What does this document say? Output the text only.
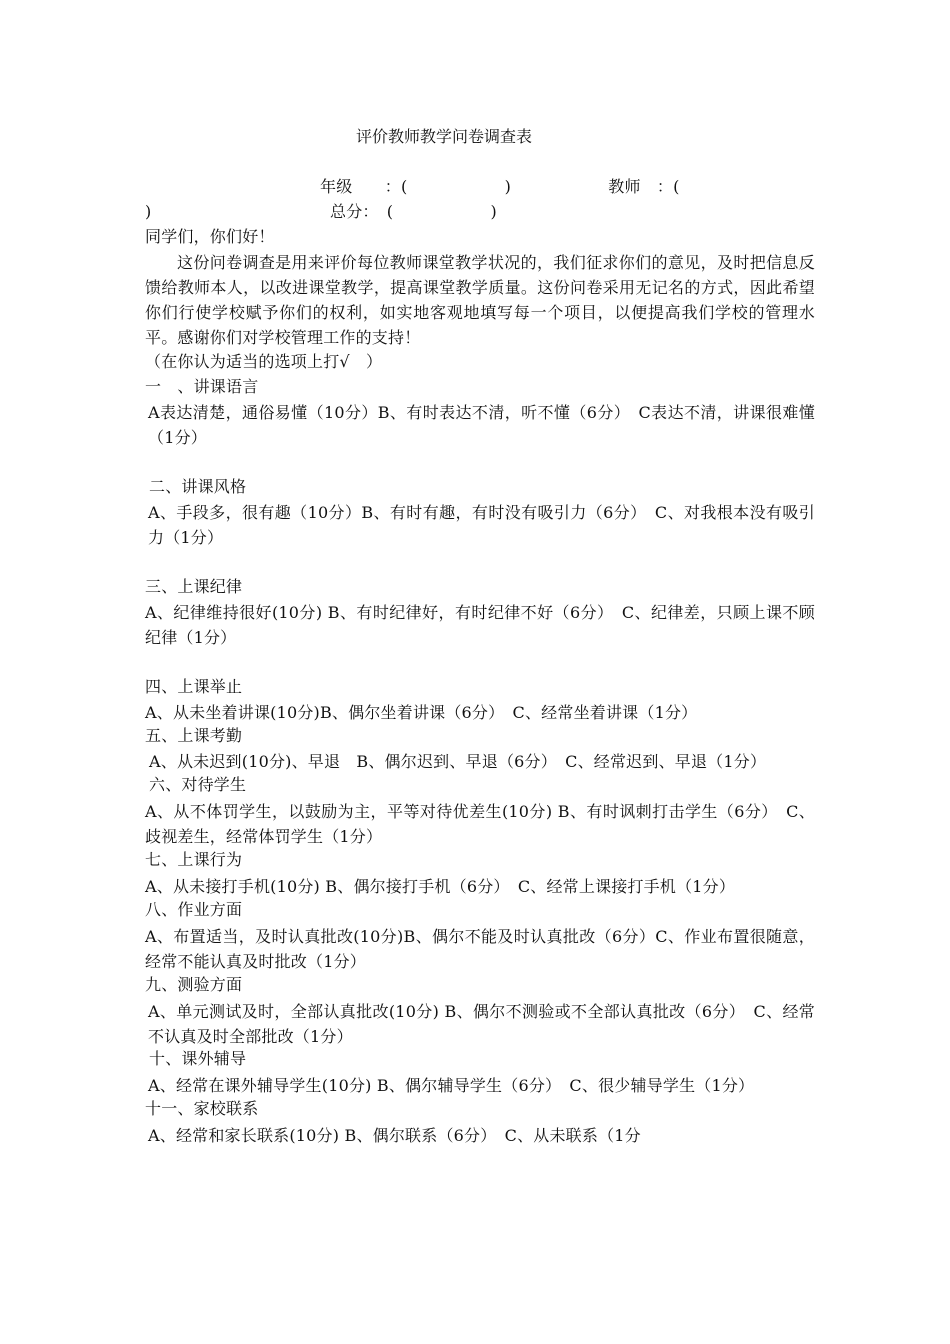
评价教师教学问卷调查表
年级　　：(　　　　　　)　　　　　　教师　：(
)	总分：　(　　　　　　)
同学们，你们好！
这份问卷调查是用来评价每位教师课堂教学状况的，我们征求你们的意见，及时把信息反馈给教师本人，以改进课堂教学，提高课堂教学质量。这份问卷采用无记名的方式，因此希望你们行使学校赋予你们的权利，如实地客观地填写每一个项目，以便提高我们学校的管理水平。感谢你们对学校管理工作的支持！
（在你认为适当的选项上打√　）
一　、讲课语言
A表达清楚，通俗易懂（10分）B、有时表达不清，听不懂（6分）　C表达不清，讲课很难懂（1分）
二、讲课风格
A、手段多，很有趣（10分）B、有时有趣，有时没有吸引力（6分）　C、对我根本没有吸引力（1分）
三、上课纪律
A、纪律维持很好(10分) B、有时纪律好，有时纪律不好（6分）　C、纪律差，只顾上课不顾纪律（1分）
四、上课举止
A、从未坐着讲课(10分)B、偶尔坐着讲课（6分）　C、经常坐着讲课（1分）
五、上课考勤
A、从未迟到(10分)、早退　B、偶尔迟到、早退（6分）　C、经常迟到、早退（1分）
六、对待学生
A、从不体罚学生，以鼓励为主，平等对待优差生(10分) B、有时讽刺打击学生（6分）　C、歧视差生，经常体罚学生（1分）
七、上课行为
A、从未接打手机(10分) B、偶尔接打手机（6分）　C、经常上课接打手机（1分）
八、作业方面
A、布置适当，及时认真批改(10分)B、偶尔不能及时认真批改（6分）C、作业布置很随意，经常不能认真及时批改（1分）
九、测验方面
A、单元测试及时，全部认真批改(10分) B、偶尔不测验或不全部认真批改（6分）　C、经常不认真及时全部批改（1分）
十、课外辅导
A、经常在课外辅导学生(10分) B、偶尔辅导学生（6分）　C、很少辅导学生（1分）
十一、家校联系
A、经常和家长联系(10分) B、偶尔联系（6分）　C、从未联系（1分
